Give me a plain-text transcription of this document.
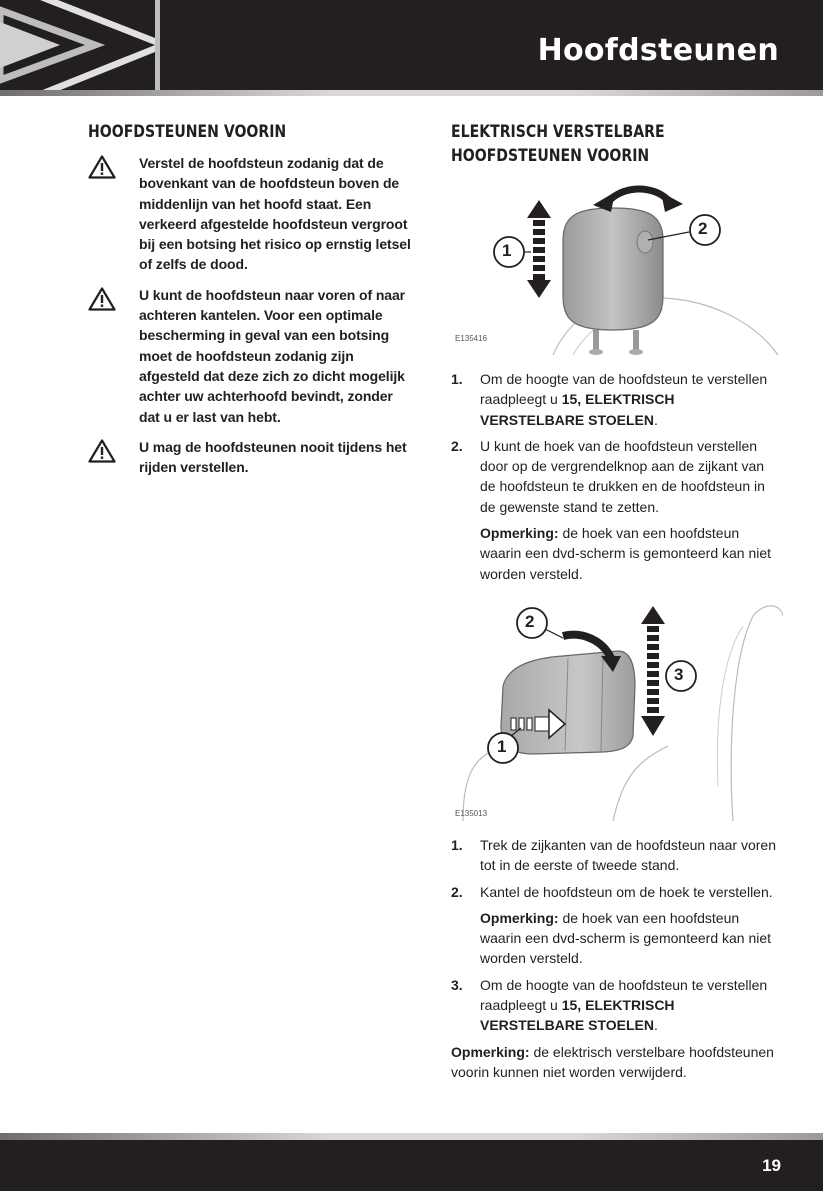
Hoofdsteunen
HOOFDSTEUNEN VOORIN
Verstel de hoofdsteun zodanig dat de bovenkant van de hoofdsteun boven de middenlijn van het hoofd staat. Een verkeerd afgestelde hoofdsteun vergroot bij een botsing het risico op ernstig letsel of zelfs de dood.
U kunt de hoofdsteun naar voren of naar achteren kantelen. Voor een optimale bescherming in geval van een botsing moet de hoofdsteun zodanig zijn afgesteld dat deze zich zo dicht mogelijk achter uw achterhoofd bevindt, zonder dat u er last van hebt.
U mag de hoofdsteunen nooit tijdens het rijden verstellen.
ELEKTRISCH VERSTELBARE
HOOFDSTEUNEN VOORIN
1
2
E135416
1. Om de hoogte van de hoofdsteun te verstellen raadpleegt u 15, ELEKTRISCH VERSTELBARE STOELEN.
2. U kunt de hoek van de hoofdsteun verstellen door op de vergrendelknop aan de zijkant van de hoofdsteun te drukken en de hoofdsteun in de gewenste stand te zetten.
Opmerking: de hoek van een hoofdsteun waarin een dvd-scherm is gemonteerd kan niet worden versteld.
2
3
1
E135013
1. Trek de zijkanten van de hoofdsteun naar voren tot in de eerste of tweede stand.
2. Kantel de hoofdsteun om de hoek te verstellen.
Opmerking: de hoek van een hoofdsteun waarin een dvd-scherm is gemonteerd kan niet worden versteld.
3. Om de hoogte van de hoofdsteun te verstellen raadpleegt u 15, ELEKTRISCH VERSTELBARE STOELEN.
Opmerking: de elektrisch verstelbare hoofdsteunen voorin kunnen niet worden verwijderd.
19
